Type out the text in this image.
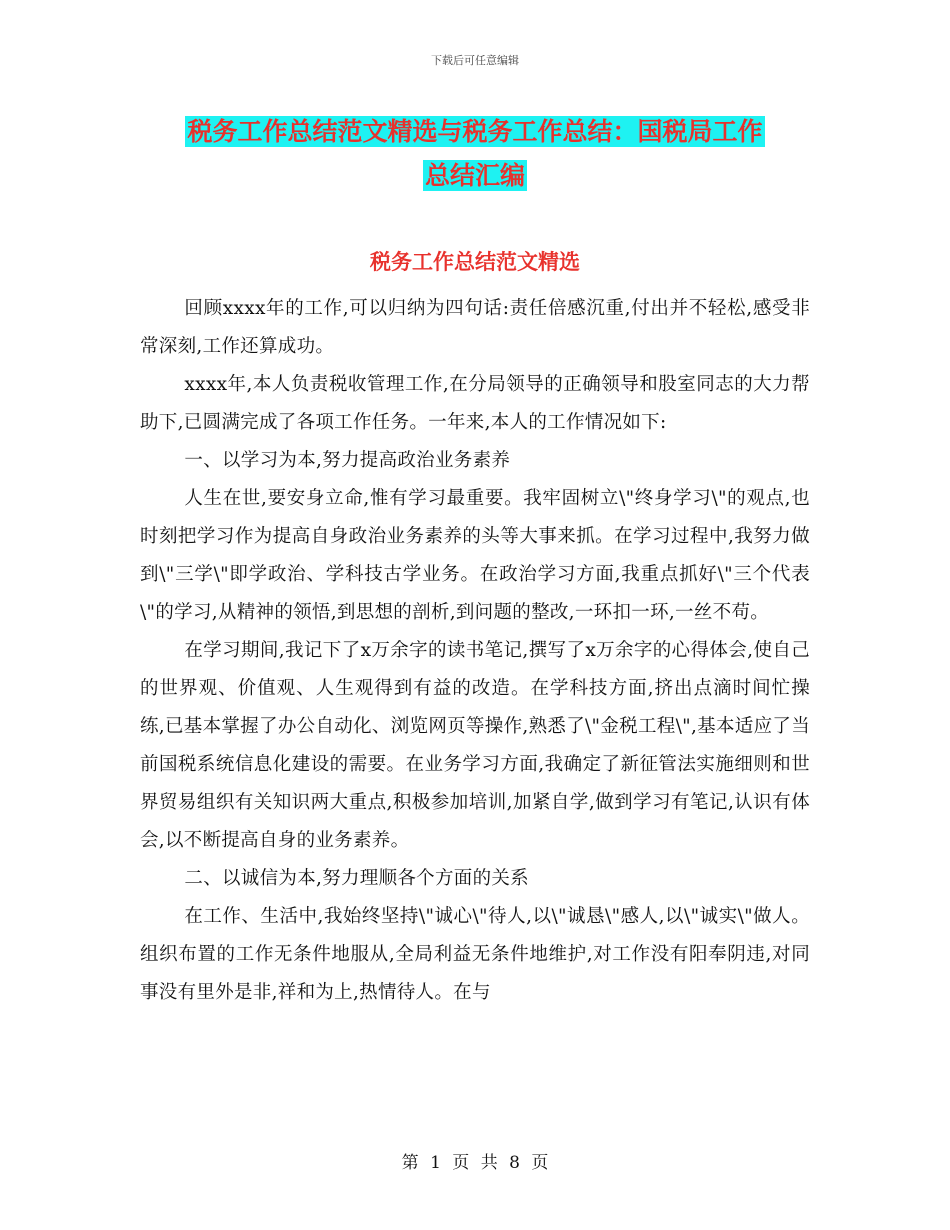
下载后可任意编辑
税务工作总结范文精选与税务工作总结：国税局工作
总结汇编
税务工作总结范文精选

回顾xxxx年的工作,可以归纳为四句话:责任倍感沉重,付出并不轻松,感受非常深刻,工作还算成功。

xxxx年,本人负责税收管理工作,在分局领导的正确领导和股室同志的大力帮助下,已圆满完成了各项工作任务。一年来,本人的工作情况如下:

一、以学习为本,努力提高政治业务素养

人生在世,要安身立命,惟有学习最重要。我牢固树立\"终身学习\"的观点,也时刻把学习作为提高自身政治业务素养的头等大事来抓。在学习过程中,我努力做到\"三学\"即学政治、学科技古学业务。在政治学习方面,我重点抓好\"三个代表\"的学习,从精神的领悟,到思想的剖析,到问题的整改,一环扣一环,一丝不苟。

在学习期间,我记下了x万余字的读书笔记,撰写了x万余字的心得体会,使自己的世界观、价值观、人生观得到有益的改造。在学科技方面,挤出点滴时间忙操练,已基本掌握了办公自动化、浏览网页等操作,熟悉了\"金税工程\",基本适应了当前国税系统信息化建设的需要。在业务学习方面,我确定了新征管法实施细则和世界贸易组织有关知识两大重点,积极参加培训,加紧自学,做到学习有笔记,认识有体会,以不断提高自身的业务素养。

二、以诚信为本,努力理顺各个方面的关系

在工作、生活中,我始终坚持\"诚心\"待人,以\"诚恳\"感人,以\"诚实\"做人。组织布置的工作无条件地服从,全局利益无条件地维护,对工作没有阳奉阴违,对同事没有里外是非,祥和为上,热情待人。在与

第 1 页 共 8 页
